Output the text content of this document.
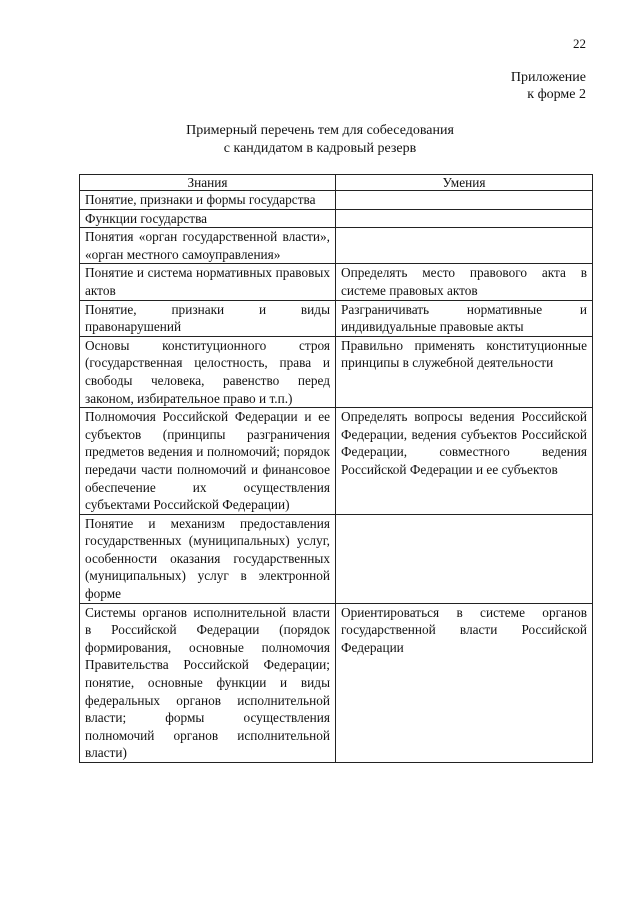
22
Приложение
к форме 2
Примерный перечень тем для собеседования
с кандидатом в кадровый резерв
Знания	Умения
Понятие, признаки и формы государства	
Функции государства	
Понятия «орган государственной власти», «орган местного самоуправления»	
Понятие и система нормативных правовых актов	Определять место правового акта в системе правовых актов
Понятие, признаки и виды правонарушений	Разграничивать нормативные и индивидуальные правовые акты
Основы конституционного строя (государственная целостность, права и свободы человека, равенство перед законом, избирательное право и т.п.)	Правильно применять конституционные принципы в служебной деятельности
Полномочия Российской Федерации и ее субъектов (принципы разграничения предметов ведения и полномочий; порядок передачи части полномочий и финансовое обеспечение их осуществления субъектами Российской Федерации)	Определять вопросы ведения Российской Федерации, ведения субъектов Российской Федерации, совместного ведения Российской Федерации и ее субъектов
Понятие и механизм предоставления государственных (муниципальных) услуг, особенности оказания государственных (муниципальных) услуг в электронной форме	
Системы органов исполнительной власти в Российской Федерации (порядок формирования, основные полномочия Правительства Российской Федерации; понятие, основные функции и виды федеральных органов исполнительной власти; формы осуществления полномочий органов исполнительной власти)	Ориентироваться в системе органов государственной власти Российской Федерации
